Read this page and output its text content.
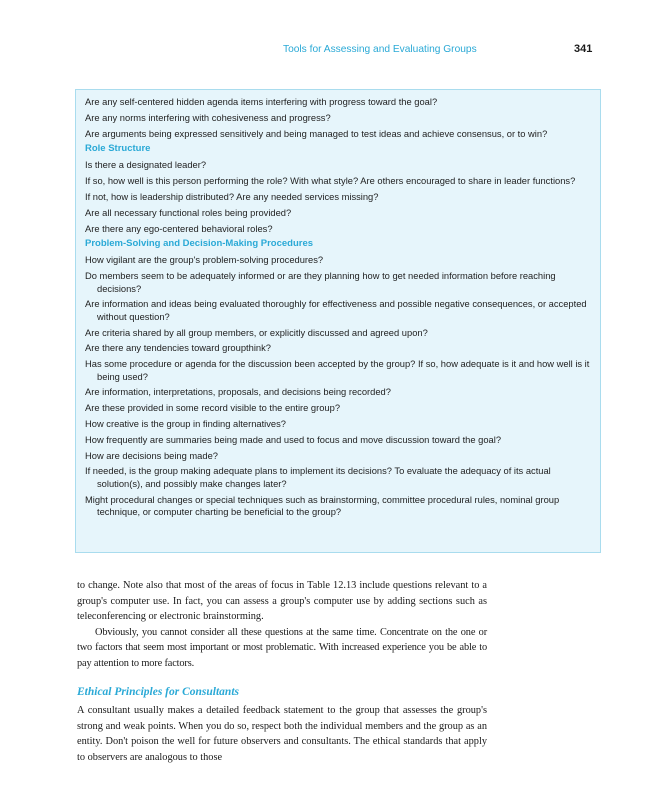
Tools for Assessing and Evaluating Groups	341
Are any self-centered hidden agenda items interfering with progress toward the goal?
Are any norms interfering with cohesiveness and progress?
Are arguments being expressed sensitively and being managed to test ideas and achieve consensus, or to win?
Role Structure
Is there a designated leader?
If so, how well is this person performing the role? With what style? Are others encouraged to share in leader functions?
If not, how is leadership distributed? Are any needed services missing?
Are all necessary functional roles being provided?
Are there any ego-centered behavioral roles?
Problem-Solving and Decision-Making Procedures
How vigilant are the group's problem-solving procedures?
Do members seem to be adequately informed or are they planning how to get needed information before reaching decisions?
Are information and ideas being evaluated thoroughly for effectiveness and possible negative consequences, or accepted without question?
Are criteria shared by all group members, or explicitly discussed and agreed upon?
Are there any tendencies toward groupthink?
Has some procedure or agenda for the discussion been accepted by the group? If so, how adequate is it and how well is it being used?
Are information, interpretations, proposals, and decisions being recorded?
Are these provided in some record visible to the entire group?
How creative is the group in finding alternatives?
How frequently are summaries being made and used to focus and move discussion toward the goal?
How are decisions being made?
If needed, is the group making adequate plans to implement its decisions? To evaluate the adequacy of its actual solution(s), and possibly make changes later?
Might procedural changes or special techniques such as brainstorming, committee procedural rules, nominal group technique, or computer charting be beneficial to the group?

to change. Note also that most of the areas of focus in Table 12.13 include questions relevant to a group's computer use. In fact, you can assess a group's computer use by adding sections such as teleconferencing or electronic brainstorming.

Obviously, you cannot consider all these questions at the same time. Concentrate on the one or two factors that seem most important or most problematic. With increased experience you be able to pay attention to more factors.

Ethical Principles for Consultants

A consultant usually makes a detailed feedback statement to the group that assesses the group's strong and weak points. When you do so, respect both the individual members and the group as an entity. Don't poison the well for future observers and consultants. The ethical standards that apply to observers are analogous to those
